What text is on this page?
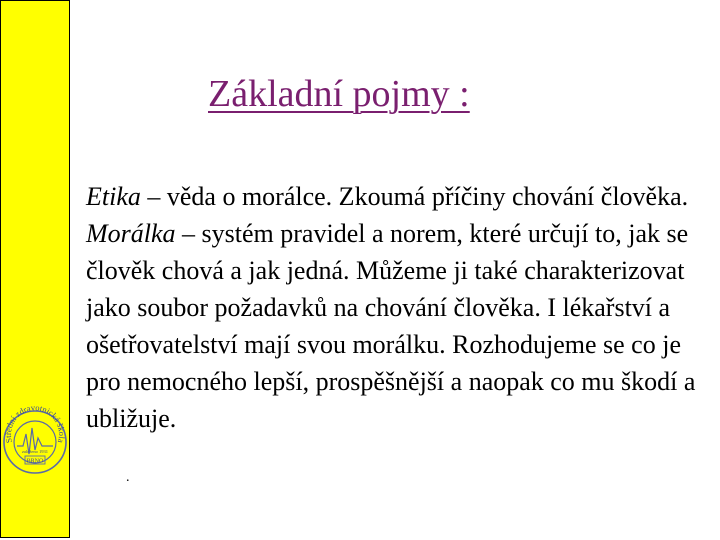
Střední zdravotnická škola
založeno 1931
BRNO
Základní pojmy :
Etika – věda o morálce. Zkoumá příčiny chování člověka. Morálka – systém pravidel a norem, které určují to, jak se člověk chová a jak jedná. Můžeme ji také charakterizovat jako soubor požadavků na chování člověka. I lékařství a ošetřovatelství mají svou morálku. Rozhodujeme se co je pro nemocného lepší, prospěšnější a naopak co mu škodí a ubližuje.
.
